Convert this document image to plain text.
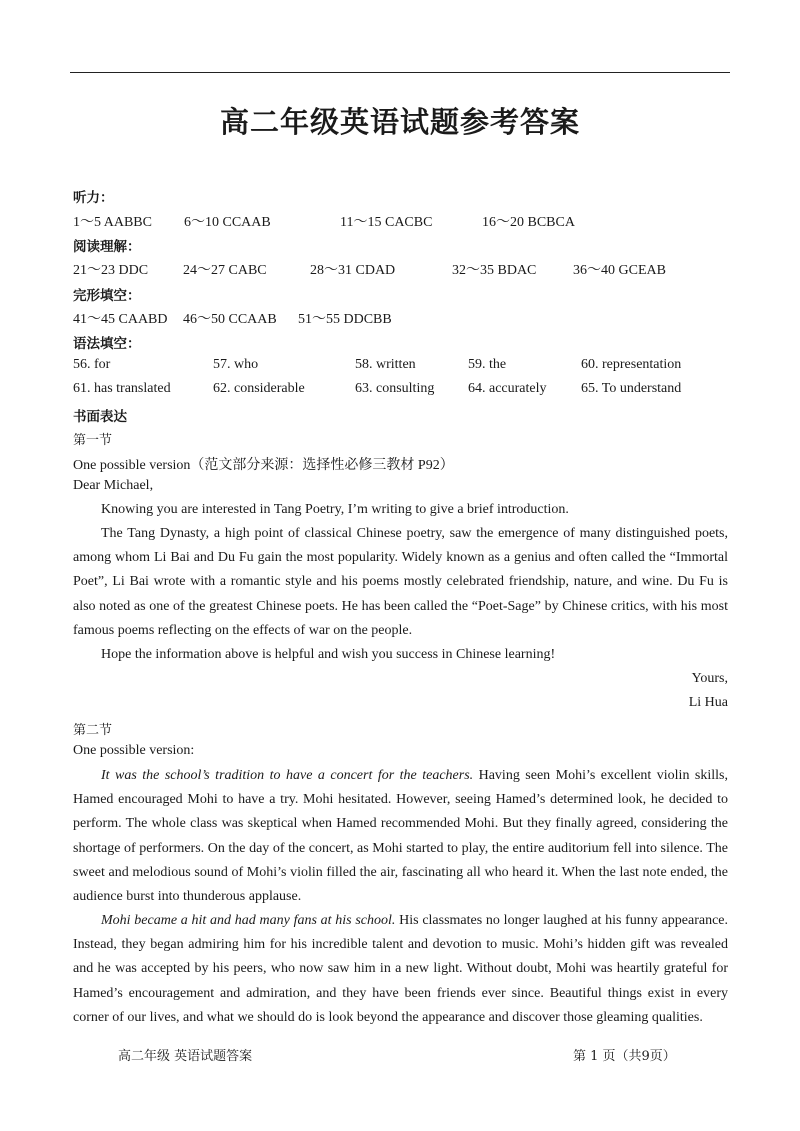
高二年级英语试题参考答案
听力：
1～5 AABBC 6～10 CCAAB	11～15 CACBC	16～20 BCBCA
阅读理解：
21～23 DDC 24～27 CABC	28～31 CDAD	32～35 BDAC	36～40 GCEAB
完形填空：
41～45 CAABD 46～50 CCAAB 51～55 DDCBB
语法填空：
56. for	57. who	58. written	59. the	60. representation
61. has translated	62. considerable	63. consulting 64. accurately 65. To understand
书面表达
第一节
One possible version（范文部分来源：选择性必修三教材 P92）
Dear Michael,

Knowing you are interested in Tang Poetry, I’m writing to give a brief introduction.

The Tang Dynasty, a high point of classical Chinese poetry, saw the emergence of many distinguished poets, among whom Li Bai and Du Fu gain the most popularity. Widely known as a genius and often called the “Immortal Poet”, Li Bai wrote with a romantic style and his poems mostly celebrated friendship, nature, and wine. Du Fu is also noted as one of the greatest Chinese poets. He has been called the “Poet-Sage” by Chinese critics, with his most famous poems reflecting on the effects of war on the people.

Hope the information above is helpful and wish you success in Chinese learning!

Yours,
Li Hua
第二节
One possible version:

It was the school’s tradition to have a concert for the teachers. Having seen Mohi’s excellent violin skills, Hamed encouraged Mohi to have a try. Mohi hesitated. However, seeing Hamed’s determined look, he decided to perform. The whole class was skeptical when Hamed recommended Mohi. But they finally agreed, considering the shortage of performers. On the day of the concert, as Mohi started to play, the entire auditorium fell into silence. The sweet and melodious sound of Mohi’s violin filled the air, fascinating all who heard it. When the last note ended, the audience burst into thunderous applause.

Mohi became a hit and had many fans at his school. His classmates no longer laughed at his funny appearance. Instead, they began admiring him for his incredible talent and devotion to music. Mohi’s hidden gift was revealed and he was accepted by his peers, who now saw him in a new light. Without doubt, Mohi was heartily grateful for Hamed’s encouragement and admiration, and they have been friends ever since. Beautiful things exist in every corner of our lives, and what we should do is look beyond the appearance and discover those gleaming qualities.

高二年级 英语试题答案	第 1 页（共9页）
